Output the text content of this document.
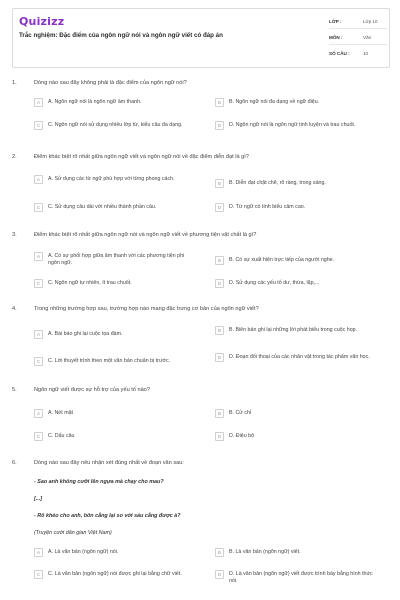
Quizizz
Trắc nghiệm: Đặc điểm của ngôn ngữ nói và ngôn ngữ viết có đáp án
LỚP :	Lớp 10
MÔN :	Văn
SỐ CÂU :	10
1.	Dòng nào sau đây không phải là đặc điểm của ngôn ngữ nói?
A	A. Ngôn ngữ nói là ngôn ngữ âm thanh.	B	B. Ngôn ngữ nói đa dạng về ngữ điệu.
C	C. Ngôn ngữ nói sử dụng nhiều lớp từ, kiểu câu đa dạng.	D	D. Ngôn ngữ nói là ngôn ngữ tinh luyện và trau chuốt.
2.	Điểm khác biệt rõ nhất giữa ngôn ngữ viết và ngôn ngữ nói về đặc điểm diễn đạt là gì?
A	A. Sử dụng các từ ngữ phù hợp với từng phong cách.
B	B. Diễn đạt chặt chẽ, rõ ràng, trong sáng.
C	C. Sử dụng câu dài với nhiều thành phần câu.	D	D. Từ ngữ có tính biểu cảm cao.
3.	Điểm khác biệt rõ nhất giữa ngôn ngữ nói và ngôn ngữ viết về phương tiện vật chất là gì?
A	A. Có sự phối hợp giữa âm thanh với các phương tiện phi ngôn ngữ.	B	B. Có sự xuất hiện trực tiếp của người nghe.
C	C. Ngôn ngữ tự nhiên, ít trau chuốt.	D	D. Sử dụng các yếu tố dư, thừa, lặp,...
4.	Trong những trường hợp sau, trường hợp nào mang đặc trưng cơ bản của ngôn ngữ viết?
A	A. Bài báo ghi lại cuộc tọa đàm.
B	B. Biên bản ghi lại những lời phát biểu trong cuộc họp.
C	C. Lời thuyết trình theo một văn bản chuẩn bị trước.
D	D. Đoạn đối thoại của các nhân vật trong tác phẩm văn học.
5.	Ngôn ngữ viết được sự hỗ trợ của yếu tố nào?
A	A. Nét mặt	B	B. Cử chỉ
C	C. Dấu câu	D	D. Điệu bộ
6.	Dòng nào sau đây nêu nhận xét đúng nhất về đoạn văn sau:
- Sao anh không cưỡi lên ngựa mà chạy cho mau?
[...]
- Rõ khéo cho anh, bôn cẳng lại so với sáu cẳng được à?
(Truyện cười dân gian Việt Nam)
A	A. Là văn bản (ngôn ngữ) nói.	B	B. Là văn bản (ngôn ngữ) viết.
C	C. Là văn bản (ngôn ngữ) nói được ghi lại bằng chữ viết.	D	D. Là văn bản (ngôn ngữ) viết được trình bày bằng hình thức nói.
